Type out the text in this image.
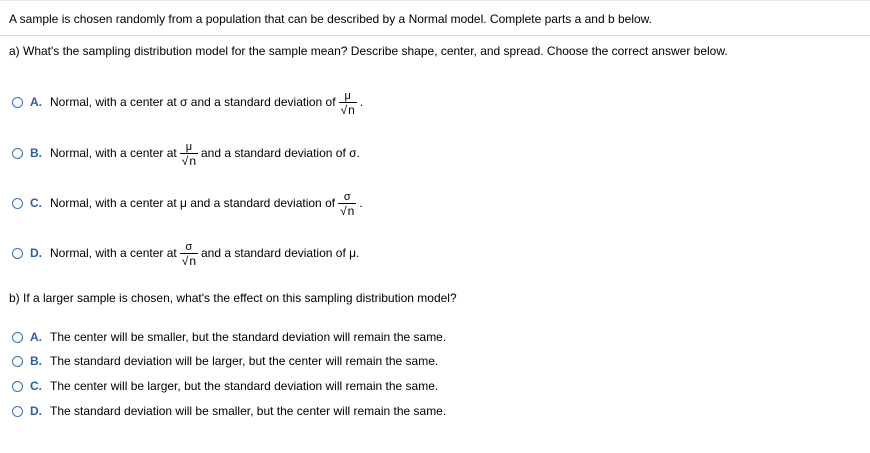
A sample is chosen randomly from a population that can be described by a Normal model. Complete parts a and b below.
a) What's the sampling distribution model for the sample mean? Describe shape, center, and spread. Choose the correct answer below.
A. Normal, with a center at σ and a standard deviation of $\frac{\mu}{√n}$ .
B. Normal, with a center at $\frac{\mu}{√n}$ and a standard deviation of σ.
C. Normal, with a center at μ and a standard deviation of $\frac{\sigma}{√n}$ .
D. Normal, with a center at $\frac{\sigma}{√n}$ and a standard deviation of μ.
b) If a larger sample is chosen, what's the effect on this sampling distribution model?
A. The center will be smaller, but the standard deviation will remain the same.
B. The standard deviation will be larger, but the center will remain the same.
C. The center will be larger, but the standard deviation will remain the same.
D. The standard deviation will be smaller, but the center will remain the same.
